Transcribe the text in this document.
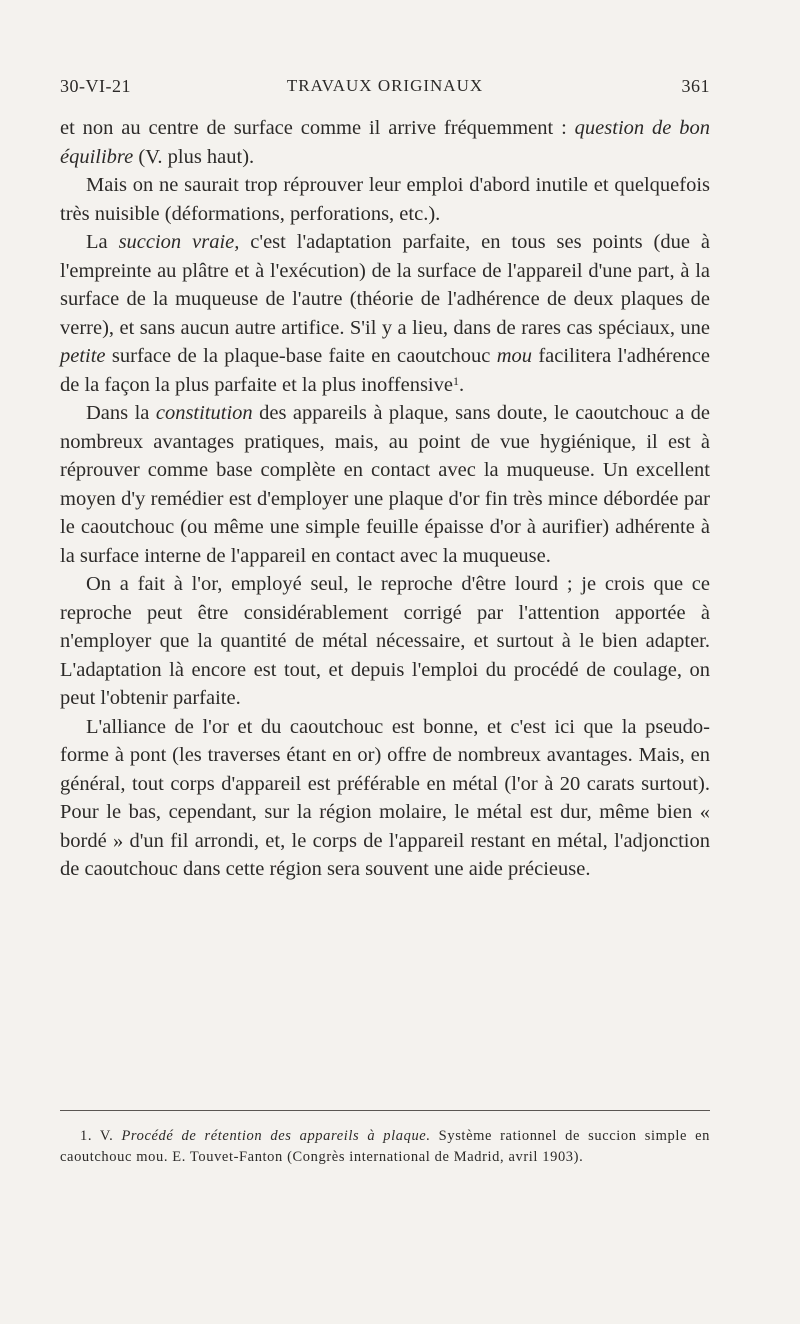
30-VI-21	TRAVAUX ORIGINAUX	361

et non au centre de surface comme il arrive fréquemment : question de bon équilibre (V. plus haut).

Mais on ne saurait trop réprouver leur emploi d'abord inutile et quelquefois très nuisible (déformations, perforations, etc.).

La succion vraie, c'est l'adaptation parfaite, en tous ses points (due à l'empreinte au plâtre et à l'exécution) de la surface de l'appareil d'une part, à la surface de la muqueuse de l'autre (théorie de l'adhérence de deux plaques de verre), et sans aucun autre artifice. S'il y a lieu, dans de rares cas spéciaux, une petite surface de la plaque-base faite en caoutchouc mou facilitera l'adhérence de la façon la plus parfaite et la plus inoffensive$^1$.

Dans la constitution des appareils à plaque, sans doute, le caoutchouc a de nombreux avantages pratiques, mais, au point de vue hygiénique, il est à réprouver comme base complète en contact avec la muqueuse. Un excellent moyen d'y remédier est d'employer une plaque d'or fin très mince débordée par le caoutchouc (ou même une simple feuille épaisse d'or à aurifier) adhérente à la surface interne de l'appareil en contact avec la muqueuse.

On a fait à l'or, employé seul, le reproche d'être lourd ; je crois que ce reproche peut être considérablement corrigé par l'attention apportée à n'employer que la quantité de métal nécessaire, et surtout à le bien adapter. L'adaptation là encore est tout, et depuis l'emploi du procédé de coulage, on peut l'obtenir parfaite.

L'alliance de l'or et du caoutchouc est bonne, et c'est ici que la pseudo-forme à pont (les traverses étant en or) offre de nombreux avantages. Mais, en général, tout corps d'appareil est préférable en métal (l'or à 20 carats surtout). Pour le bas, cependant, sur la région molaire, le métal est dur, même bien « bordé » d'un fil arrondi, et, le corps de l'appareil restant en métal, l'adjonction de caoutchouc dans cette région sera souvent une aide précieuse.

1. V. Procédé de rétention des appareils à plaque. Système rationnel de succion simple en caoutchouc mou. E. Touvet-Fanton (Congrès international de Madrid, avril 1903).
